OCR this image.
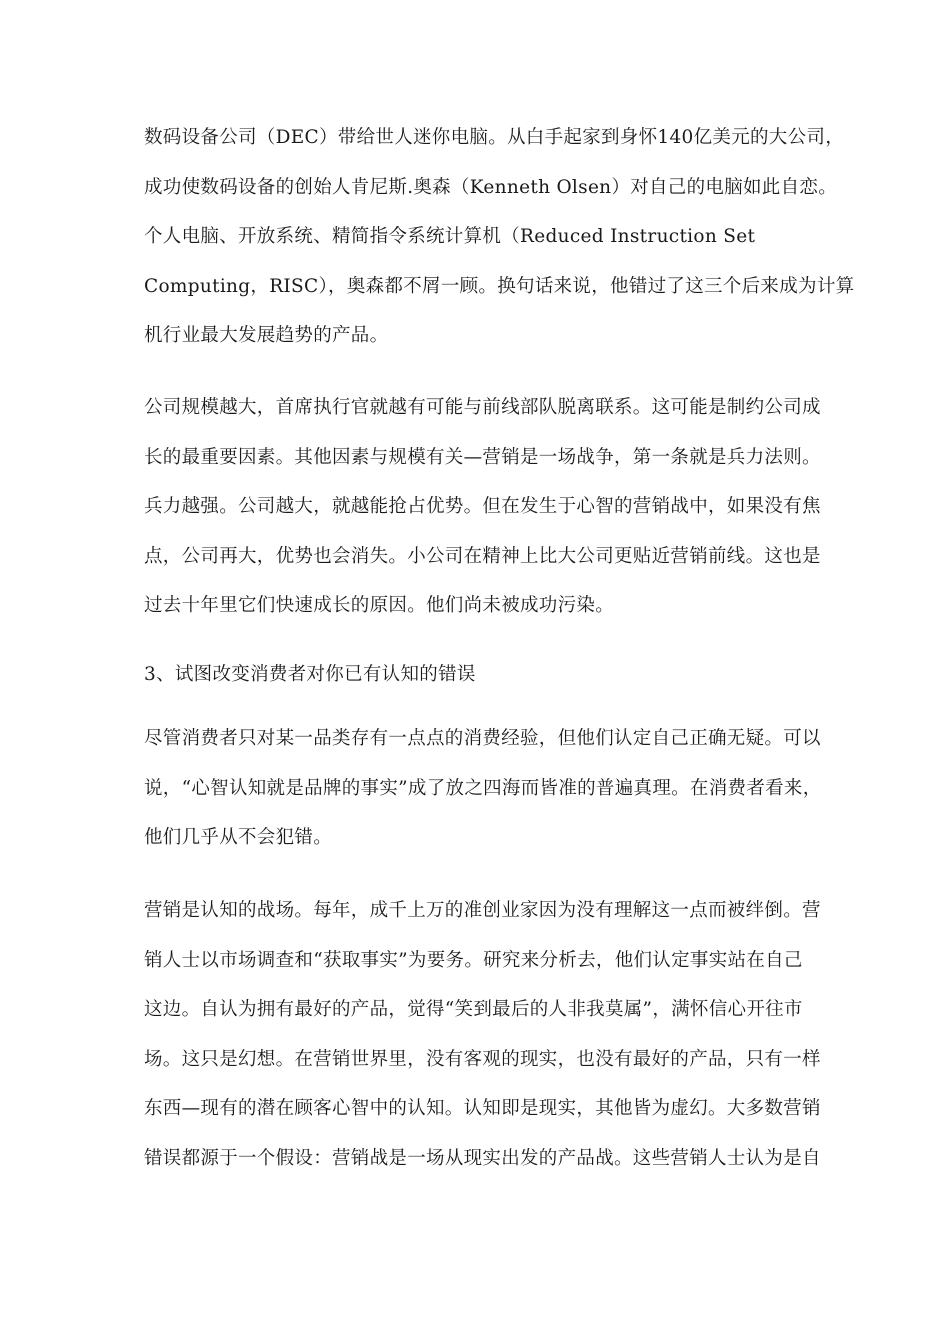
数码设备公司（DEC）带给世人迷你电脑。从白手起家到身怀140亿美元的大公司，
成功使数码设备的创始人肯尼斯.奥森（Kenneth Olsen）对自己的电脑如此自恋。
个人电脑、开放系统、精简指令系统计算机（Reduced Instruction Set
Computing，RISC），奥森都不屑一顾。换句话来说，他错过了这三个后来成为计算
机行业最大发展趋势的产品。

公司规模越大，首席执行官就越有可能与前线部队脱离联系。这可能是制约公司成
长的最重要因素。其他因素与规模有关—营销是一场战争，第一条就是兵力法则。
兵力越强。公司越大，就越能抢占优势。但在发生于心智的营销战中，如果没有焦
点，公司再大，优势也会消失。小公司在精神上比大公司更贴近营销前线。这也是
过去十年里它们快速成长的原因。他们尚未被成功污染。

3、试图改变消费者对你已有认知的错误

尽管消费者只对某一品类存有一点点的消费经验，但他们认定自己正确无疑。可以
说，“心智认知就是品牌的事实”成了放之四海而皆准的普遍真理。在消费者看来，
他们几乎从不会犯错。

营销是认知的战场。每年，成千上万的准创业家因为没有理解这一点而被绊倒。营
销人士以市场调查和“获取事实”为要务。研究来分析去，他们认定事实站在自己
这边。自认为拥有最好的产品，觉得“笑到最后的人非我莫属”，满怀信心开往市
场。这只是幻想。在营销世界里，没有客观的现实，也没有最好的产品，只有一样
东西—现有的潜在顾客心智中的认知。认知即是现实，其他皆为虚幻。大多数营销
错误都源于一个假设：营销战是一场从现实出发的产品战。这些营销人士认为是自
